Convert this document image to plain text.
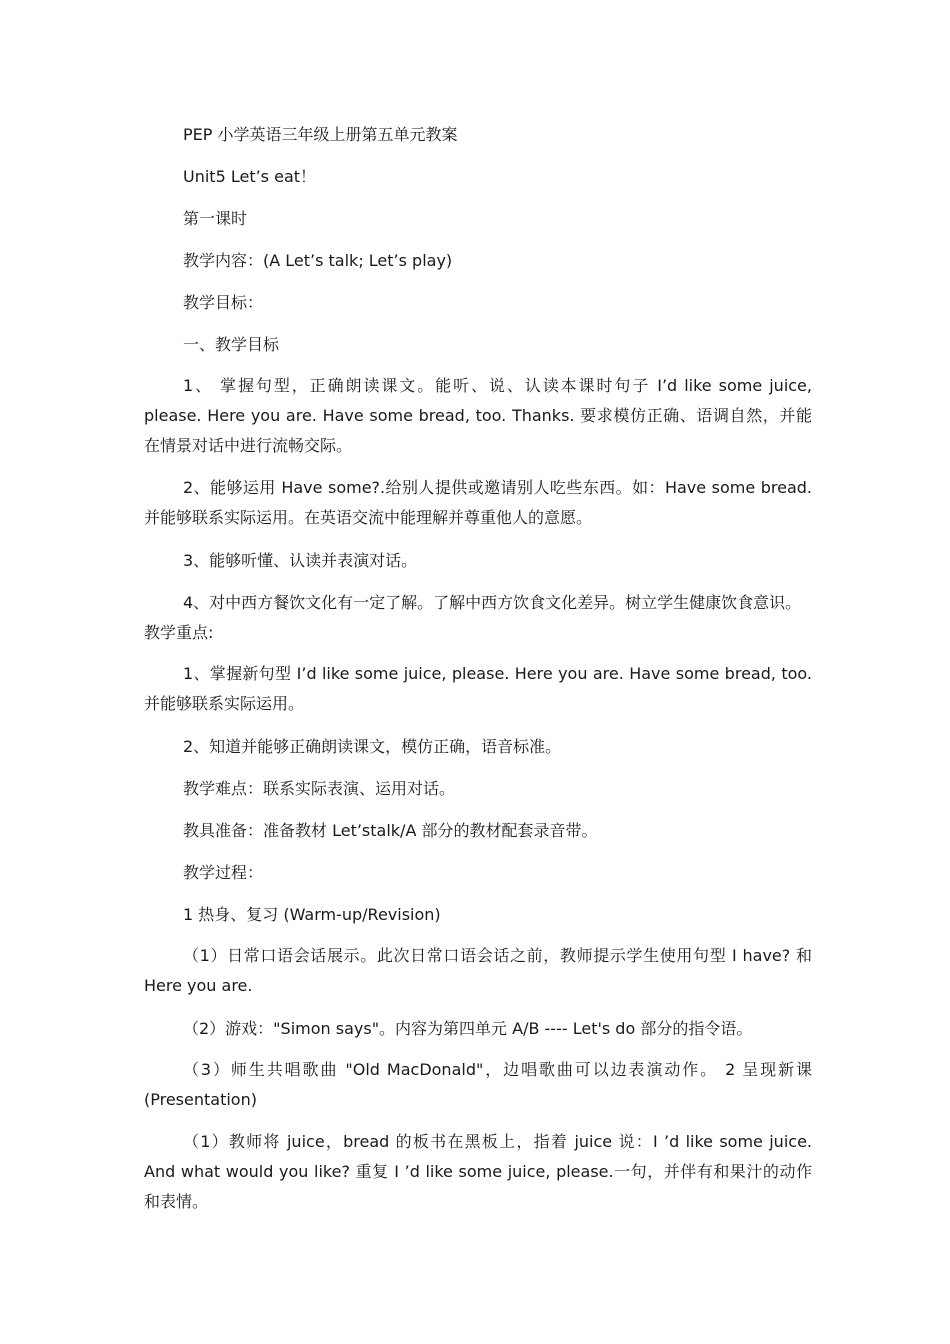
PEP 小学英语三年级上册第五单元教案
Unit5 Let’s eat！
第一课时
教学内容：(A Let’s talk; Let’s play)
教学目标：
一、教学目标
1、 掌握句型，正确朗读课文。能听、说、认读本课时句子 I’d like some juice, please. Here you are. Have some bread, too. Thanks. 要求模仿正确、语调自然，并能在情景对话中进行流畅交际。
2、能够运用 Have some?.给别人提供或邀请别人吃些东西。如：Have some bread. 并能够联系实际运用。在英语交流中能理解并尊重他人的意愿。
3、能够听懂、认读并表演对话。
4、对中西方餐饮文化有一定了解。了解中西方饮食文化差异。树立学生健康饮食意识。
教学重点:
1、掌握新句型 I’d like some juice, please. Here you are. Have some bread, too.并能够联系实际运用。
2、知道并能够正确朗读课文，模仿正确，语音标准。
教学难点：联系实际表演、运用对话。
教具准备：准备教材 Let’stalk/A 部分的教材配套录音带。
教学过程：
1 热身、复习 (Warm-up/Revision)
（1）日常口语会话展示。此次日常口语会话之前，教师提示学生使用句型 I have? 和 Here you are.
（2）游戏："Simon says"。内容为第四单元 A/B ---- Let's do 部分的指令语。
（3）师生共唱歌曲 "Old MacDonald"，边唱歌曲可以边表演动作。 2 呈现新课 (Presentation)
（1）教师将 juice，bread 的板书在黑板上，指着 juice 说：I ’d like some juice. And what would you like? 重复 I ’d like some juice, please.一句，并伴有和果汁的动作和表情。
